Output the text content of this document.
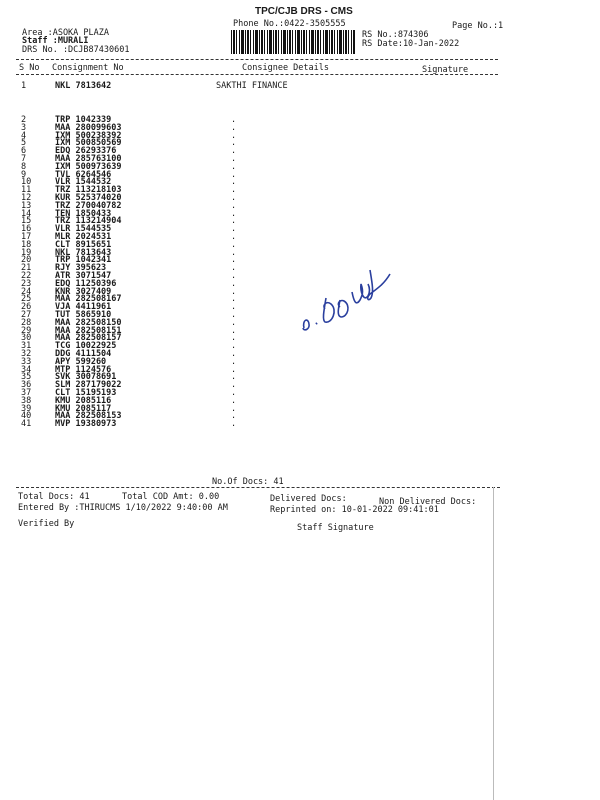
TPC/CJB DRS - CMS
Phone No.:0422-3505555	Page No.:1
Area :ASOKA PLAZA
Staff :MURALI
DRS No. :DCJB87430601
RS No.:874306
RS Date:10-Jan-2022
S No Consignment No	Consignee Details	Signature
1	NKL 7813642	SAKTHI FINANCE
2	TRP 1042339	.
3	MAA 280099603	.
4	IXM 500238392	.
5	IXM 500850569	.
6	EDQ 26293376	.
7	MAA 285763100	.
8	IXM 500973639	.
9	TVL 6264546	.
10	VLR 1544532	.
11	TRZ 113218103	.
12	KUR 525374020	.
13	TRZ 270040782	.
14	TEN 1850433	.
15	TRZ 113214904	.
16	VLR 1544535	.
17	MLR 2024531	.
18	CLT 8915651	.
19	NKL 7813643	.
20	TRP 1042341	.
21	RJY 395623	.
22	ATR 3071547	.
23	EDQ 11250396	.
24	KNR 3027409	.
25	MAA 282508167	.
26	VJA 4411961	.
27	TUT 5865910	.
28	MAA 282508150	.
29	MAA 282508151	.
30	MAA 282508157	.
31	TCG 10022925	.
32	DDG 4111504	.
33	APY 599260	.
34	MTP 1124576	.
35	SVK 30078691	.
36	SLM 287179022	.
37	CLT 15195193	.
38	KMU 2085116	.
39	KMU 2085117	.
40	MAA 282508153	.
41	MVP 19380973	.
No.Of Docs: 41
Total Docs: 41	Total COD Amt: 0.00	Delivered Docs:	Non Delivered Docs:
Entered By :THIRUCMS 1/10/2022 9:40:00 AM	Reprinted on: 10-01-2022 09:41:01
Verified By	Staff Signature
